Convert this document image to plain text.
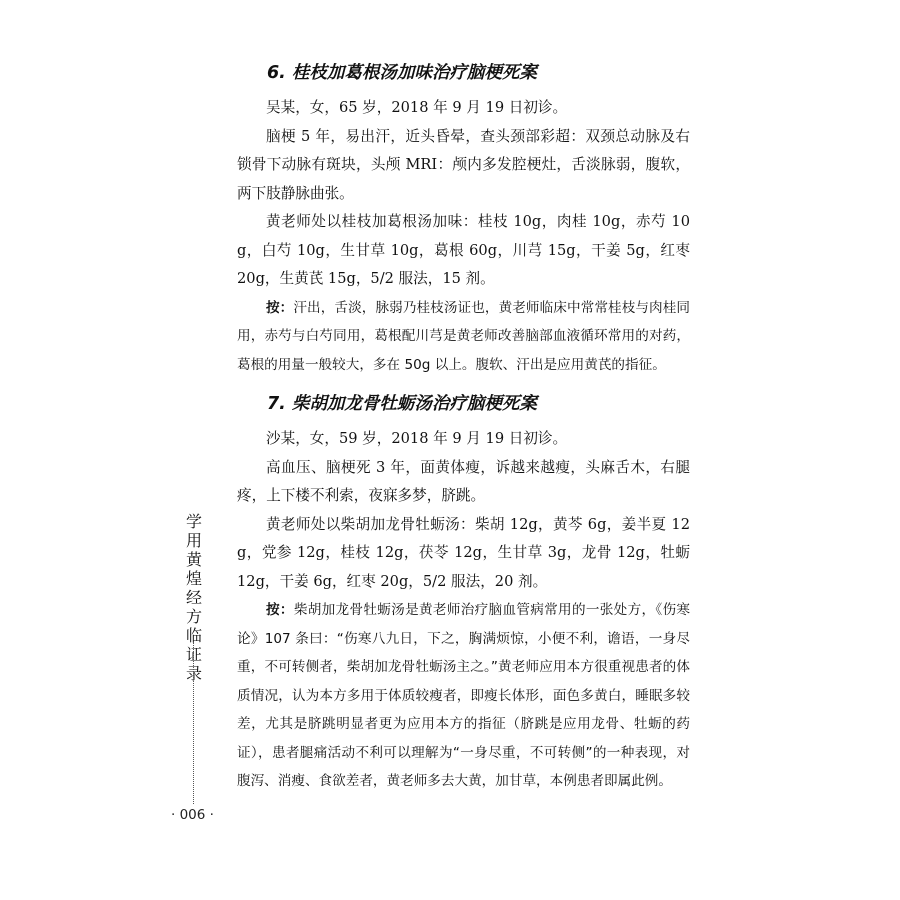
学用黄煌经方临证录
· 006 ·
6. 桂枝加葛根汤加味治疗脑梗死案

吴某，女，65 岁，2018 年 9 月 19 日初诊。

脑梗 5 年，易出汗，近头昏晕，查头颈部彩超：双颈总动脉及右锁骨下动脉有斑块，头颅 MRI：颅内多发腔梗灶，舌淡脉弱，腹软，两下肢静脉曲张。

黄老师处以桂枝加葛根汤加味：桂枝 10g，肉桂 10g，赤芍 10g，白芍 10g，生甘草 10g，葛根 60g，川芎 15g，干姜 5g，红枣 20g，生黄芪 15g，5/2 服法，15 剂。

按：汗出，舌淡，脉弱乃桂枝汤证也，黄老师临床中常常桂枝与肉桂同用，赤芍与白芍同用，葛根配川芎是黄老师改善脑部血液循环常用的对药，葛根的用量一般较大，多在 50g 以上。腹软、汗出是应用黄芪的指征。

7. 柴胡加龙骨牡蛎汤治疗脑梗死案

沙某，女，59 岁，2018 年 9 月 19 日初诊。

高血压、脑梗死 3 年，面黄体瘦，诉越来越瘦，头麻舌木，右腿疼，上下楼不利索，夜寐多梦，脐跳。

黄老师处以柴胡加龙骨牡蛎汤：柴胡 12g，黄芩 6g，姜半夏 12g，党参 12g，桂枝 12g，茯苓 12g，生甘草 3g，龙骨 12g，牡蛎 12g，干姜 6g，红枣 20g，5/2 服法，20 剂。

按：柴胡加龙骨牡蛎汤是黄老师治疗脑血管病常用的一张处方，《伤寒论》107 条曰：“伤寒八九日，下之，胸满烦惊，小便不利，谵语，一身尽重，不可转侧者，柴胡加龙骨牡蛎汤主之。”黄老师应用本方很重视患者的体质情况，认为本方多用于体质较瘦者，即瘦长体形，面色多黄白，睡眠多较差，尤其是脐跳明显者更为应用本方的指征（脐跳是应用龙骨、牡蛎的药证），患者腿痛活动不利可以理解为“一身尽重，不可转侧”的一种表现，对腹泻、消瘦、食欲差者，黄老师多去大黄，加甘草，本例患者即属此例。
